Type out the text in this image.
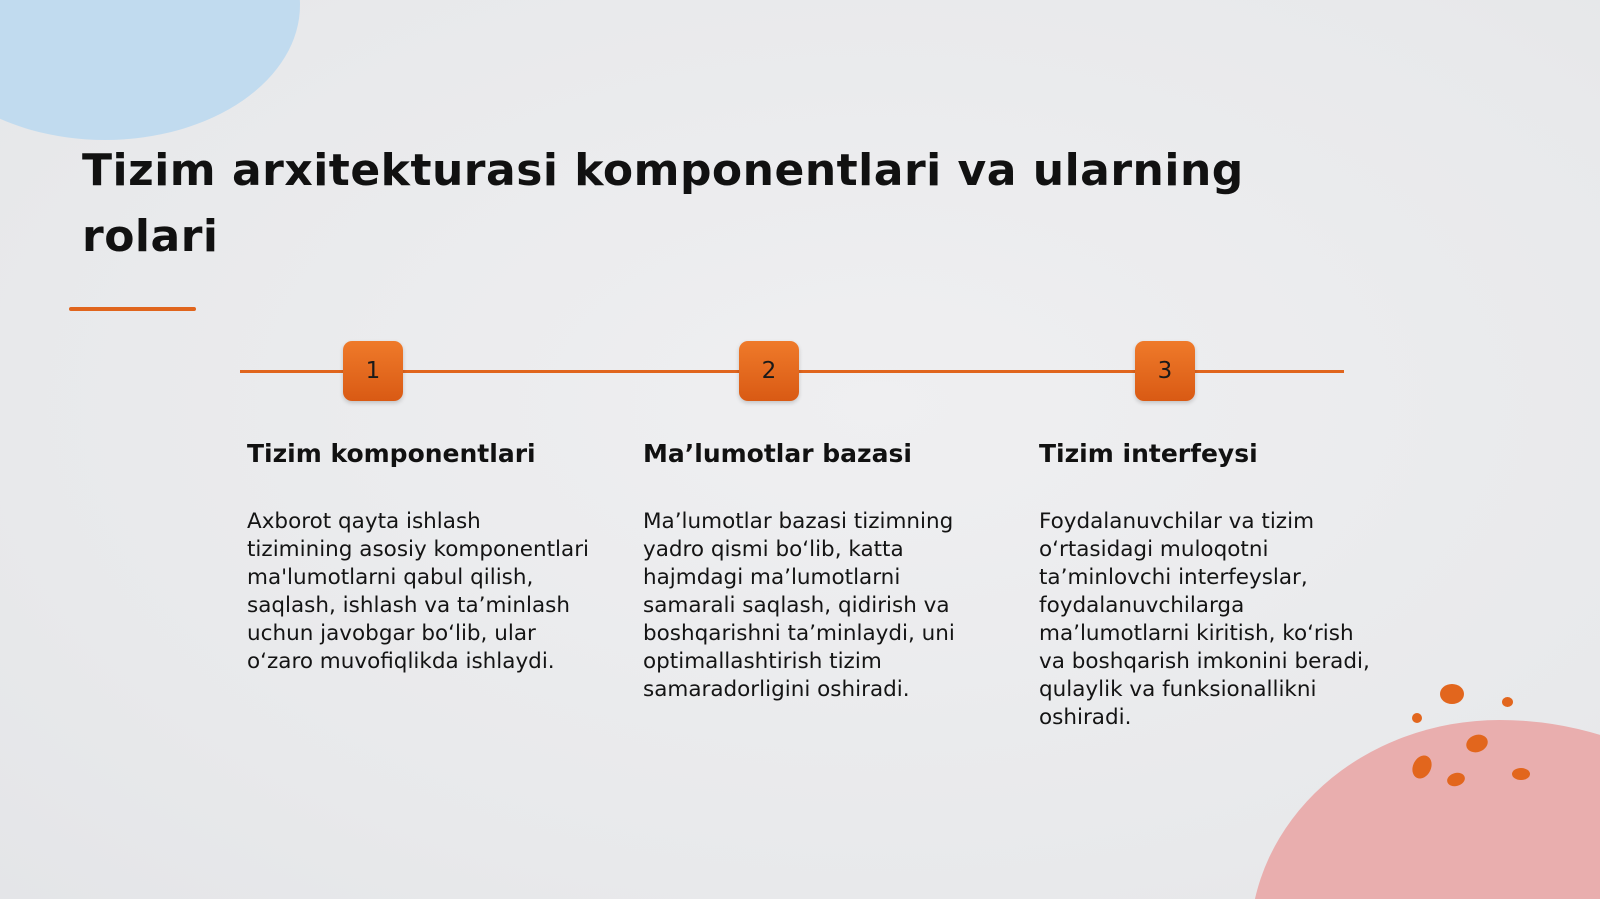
Tizim arxitekturasi komponentlari va ularning rolari
1	2	3
Tizim komponentlari

Axborot qayta ishlash tizimining asosiy komponentlari ma'lumotlarni qabul qilish, saqlash, ishlash va ta’minlash uchun javobgar bo‘lib, ular o‘zaro muvofiqlikda ishlaydi.

Ma’lumotlar bazasi

Ma’lumotlar bazasi tizimning yadro qismi bo‘lib, katta hajmdagi ma’lumotlarni samarali saqlash, qidirish va boshqarishni ta’minlaydi, uni optimallashtirish tizim samaradorligini oshiradi.

Tizim interfeysi

Foydalanuvchilar va tizim o‘rtasidagi muloqotni ta’minlovchi interfeyslar, foydalanuvchilarga ma’lumotlarni kiritish, ko‘rish va boshqarish imkonini beradi, qulaylik va funksionallikni oshiradi.
